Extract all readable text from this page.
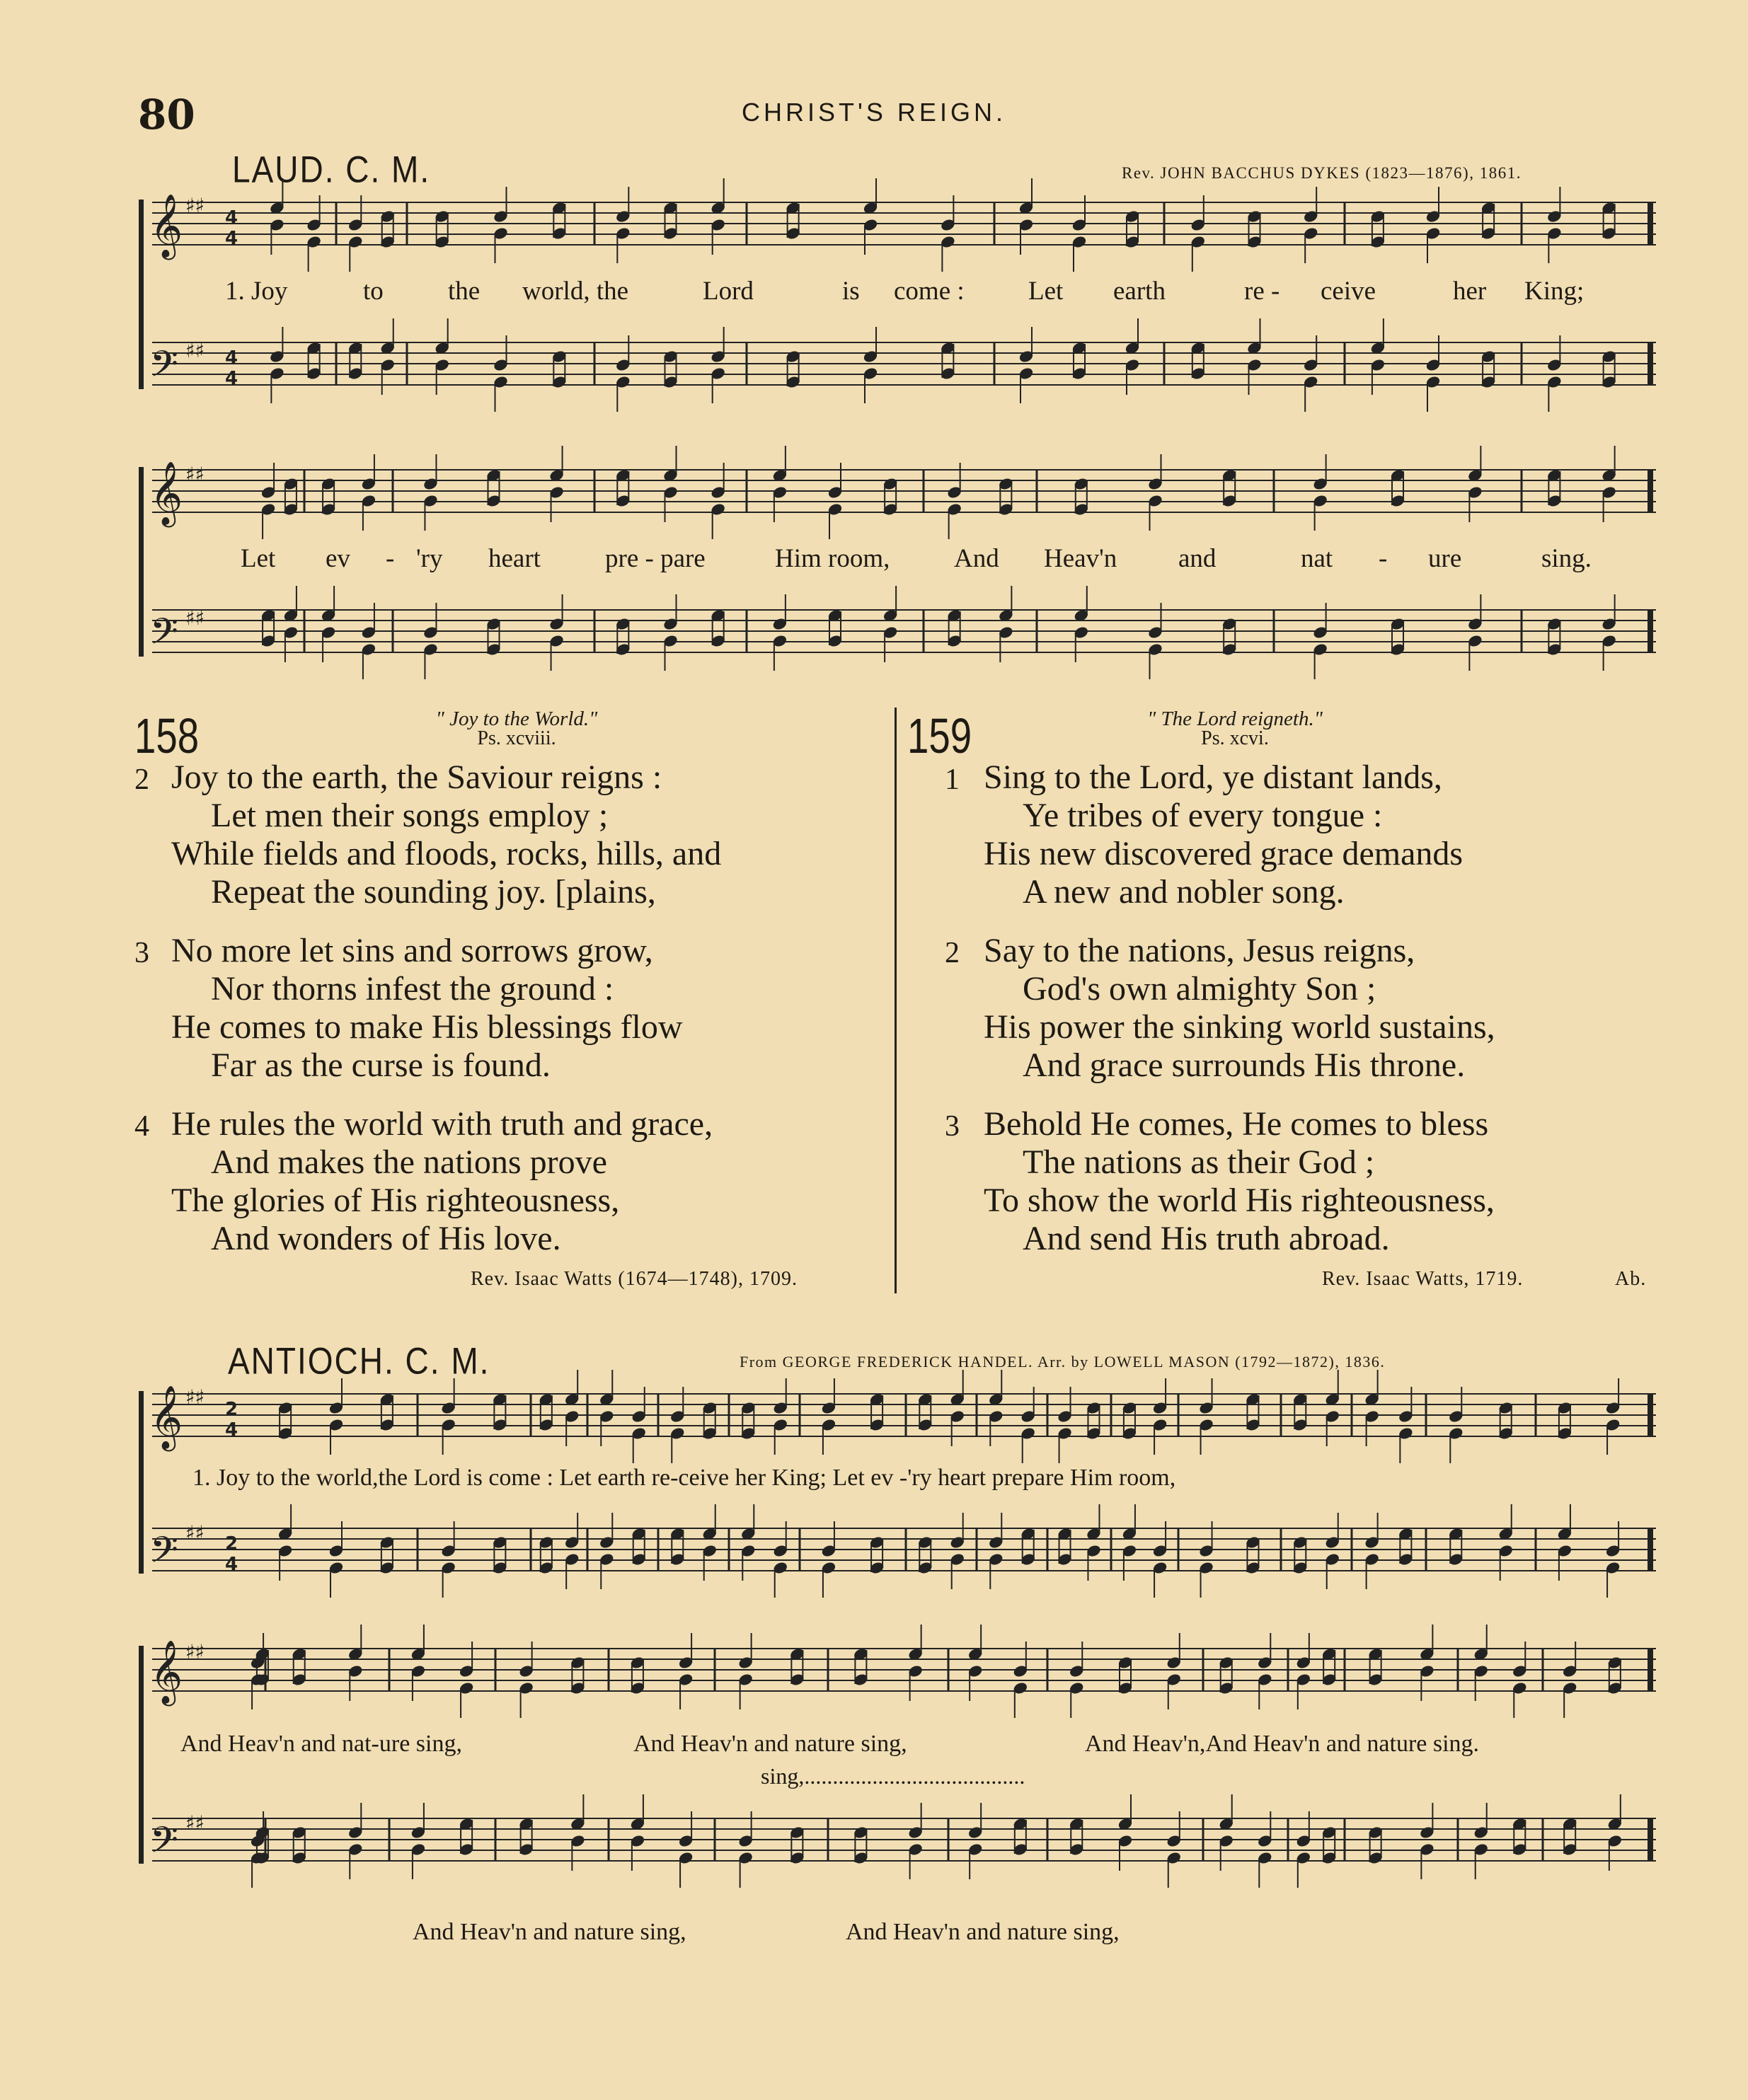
80	CHRIST'S REIGN.
LAUD. C. M.	Rev. JOHN BACCHUS DYKES (1823—1876), 1861.
𝄞
𝄢
𝄞
𝄢
𝄞
𝄢
𝄞
𝄢
♯♯
♯♯
♯♯
♯♯
♯♯
♯♯
♯♯
♯♯
4
4
4
4
2
4
2
4
1. Joy	to the world, the	Lord	is come : Let earth	re - ceive	her King;
Let ev - 'ry heart pre - pare	Him room, And Heav'n and	nat - ure	sing.
158	" Joy to the World."
Ps. xcviii.
2 Joy to the earth, the Saviour reigns :
Let men their songs employ ;
While fields and floods, rocks, hills, and
Repeat the sounding joy. [plains,
3 No more let sins and sorrows grow,
Nor thorns infest the ground :
He comes to make His blessings flow
Far as the curse is found.
4 He rules the world with truth and grace,
And makes the nations prove
The glories of His righteousness,
And wonders of His love.
Rev. Isaac Watts (1674—1748), 1709.
159	" The Lord reigneth."
Ps. xcvi.
1 Sing to the Lord, ye distant lands,
Ye tribes of every tongue :
His new discovered grace demands
A new and nobler song.
2 Say to the nations, Jesus reigns,
God's own almighty Son ;
His power the sinking world sustains,
And grace surrounds His throne.
3 Behold He comes, He comes to bless
The nations as their God ;
To show the world His righteousness,
And send His truth abroad.
Rev. Isaac Watts, 1719.	Ab.
ANTIOCH. C. M.	From GEORGE FREDERICK HANDEL. Arr. by LOWELL MASON (1792—1872), 1836.
1. Joy to the world,the Lord is come : Let earth re-ceive her King; Let ev -'ry heart prepare Him room,
And Heav'n and nat-ure sing,	And Heav'n and nature sing,	And Heav'n,And Heav'n and nature sing.
sing,.......................................
And Heav'n and nature sing,	And Heav'n and nature sing,
